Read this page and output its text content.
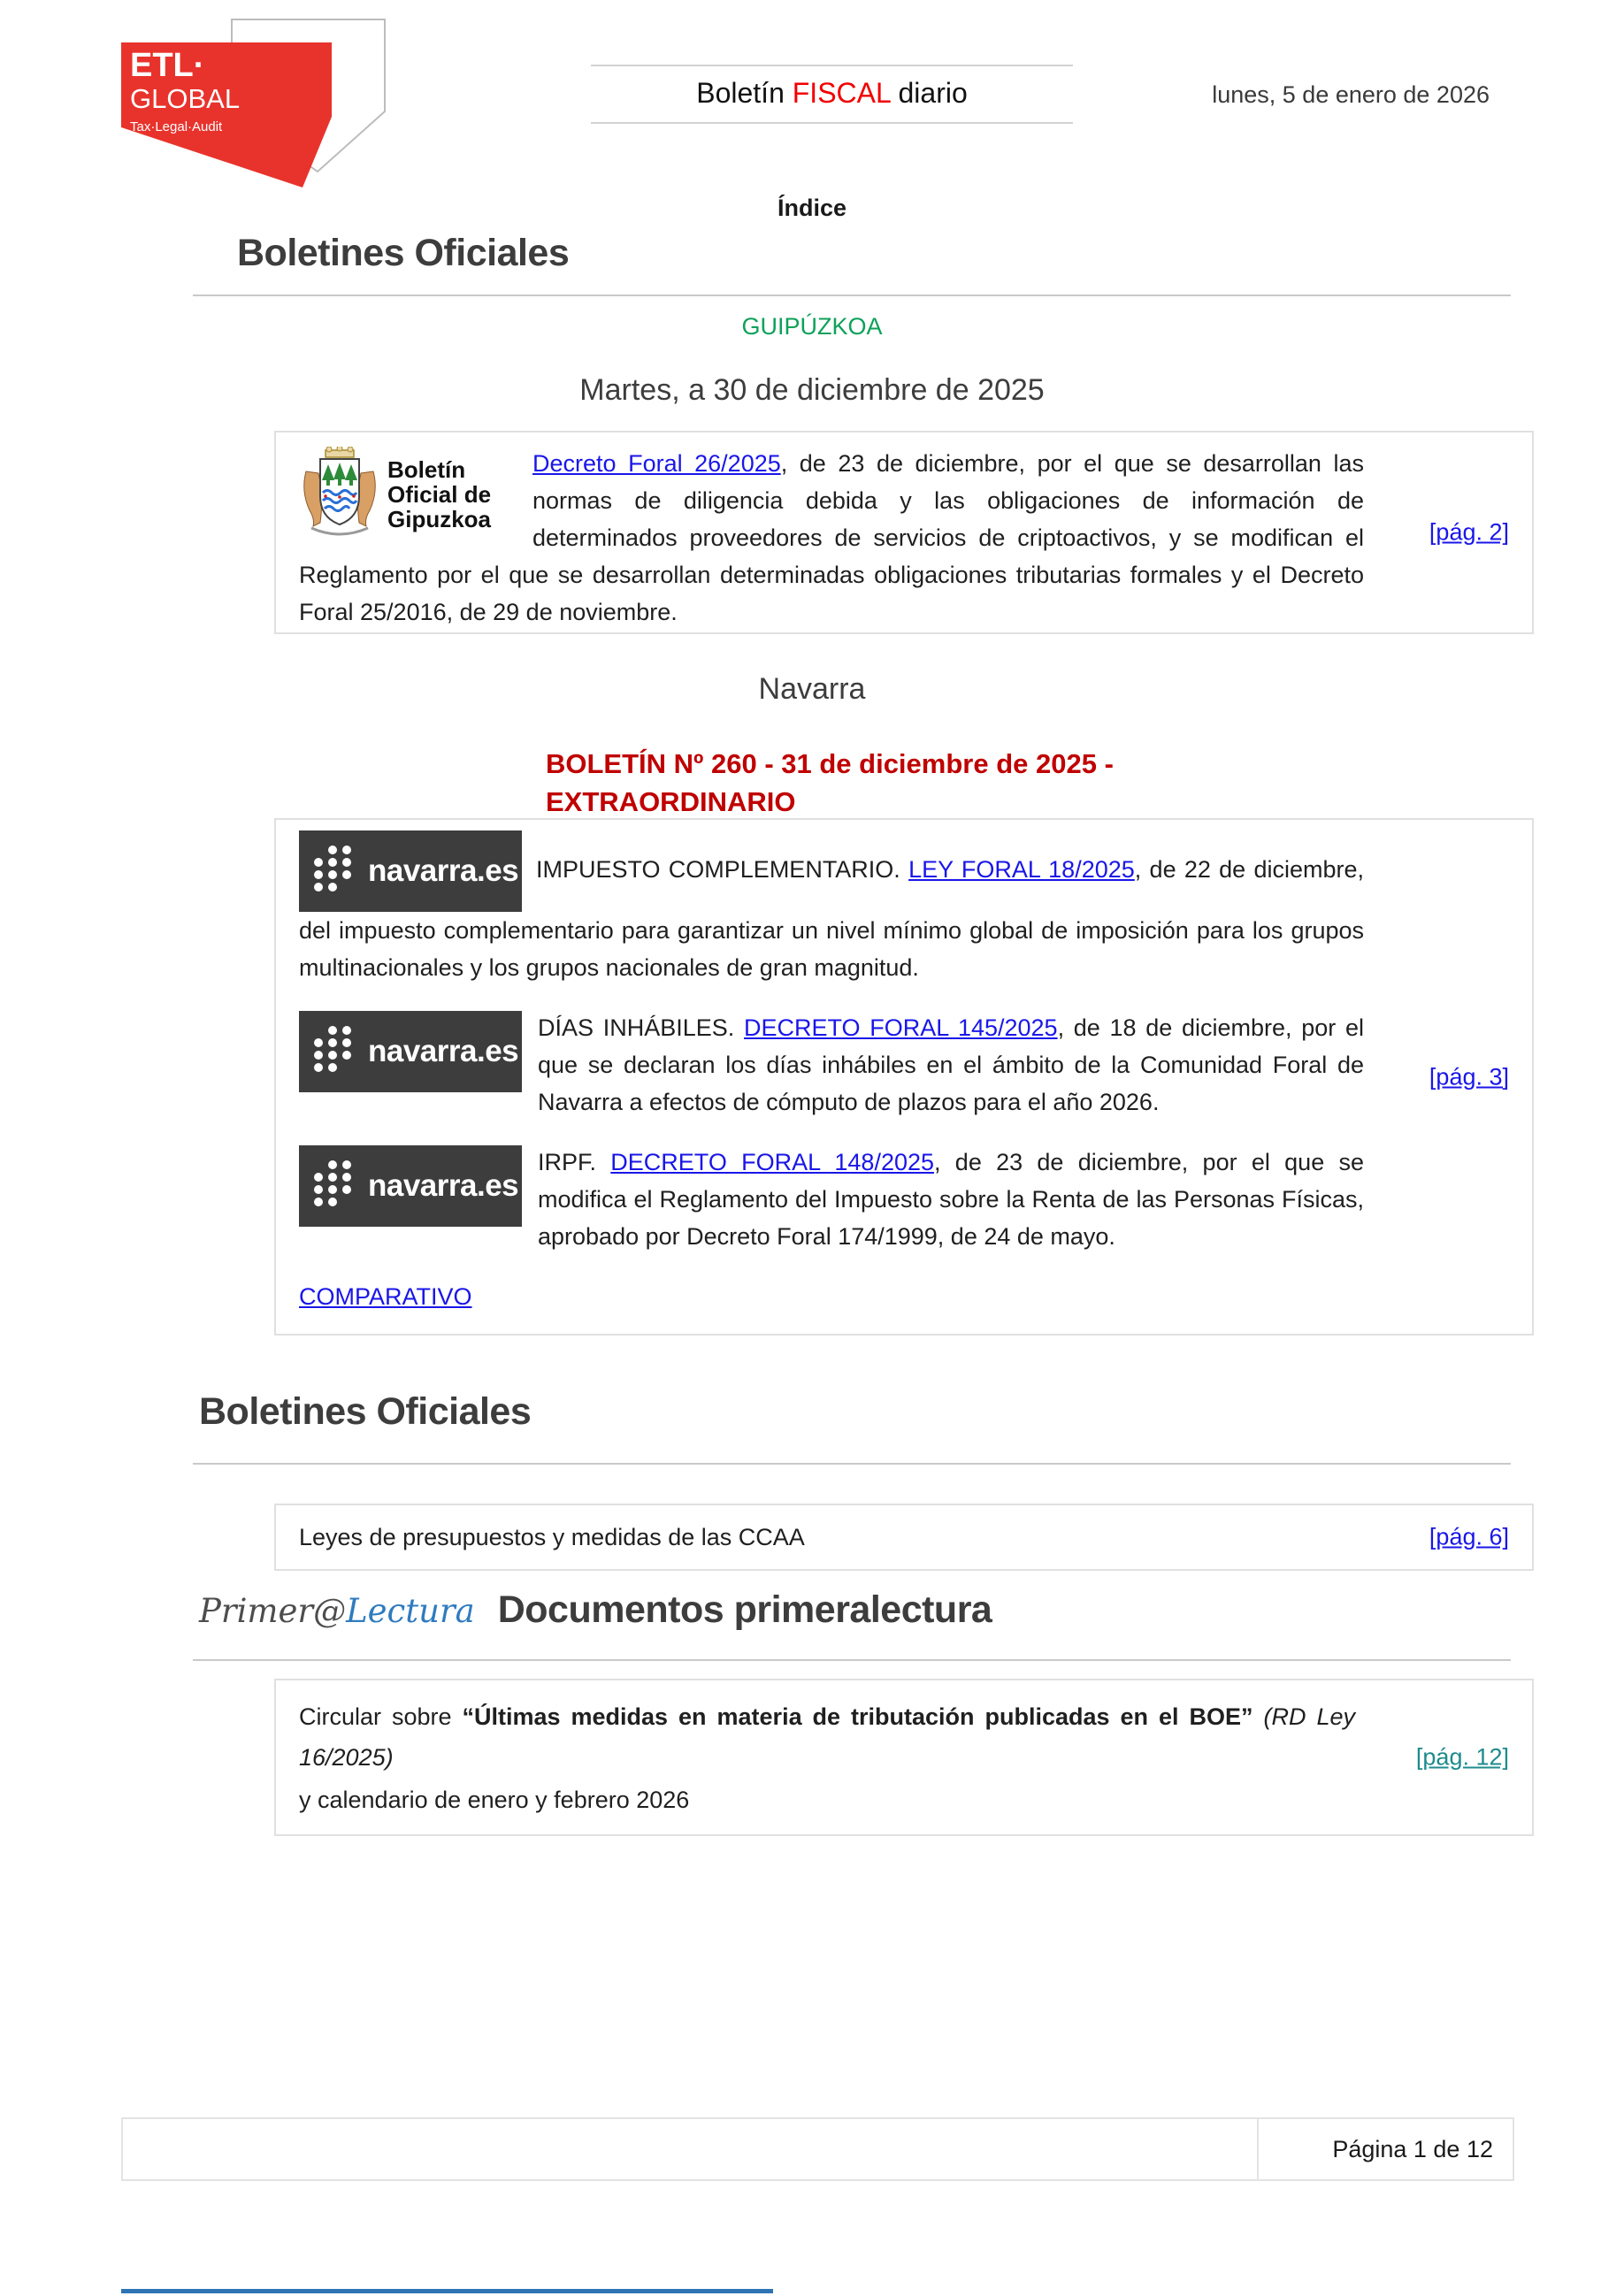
ETL·
GLOBAL
Tax·Legal·Audit
Boletín FISCAL diario	lunes, 5 de enero de 2026
Índice
Boletines Oficiales
GUIPÚZKOA
Martes, a 30 de diciembre de 2025
Boletín
Oficial de
Gipuzkoa

Decreto Foral 26/2025, de 23 de diciembre, por el que se desarrollan las normas de diligencia debida y las obligaciones de información de determinados proveedores de servicios de criptoactivos, y se modifican el Reglamento por el que se desarrollan determinadas obligaciones tributarias formales y el Decreto Foral 25/2016, de 29 de noviembre.

[pág. 2]
Navarra
BOLETÍN Nº 260 - 31 de diciembre de 2025 - EXTRAORDINARIO

navarra.es IMPUESTO COMPLEMENTARIO. LEY FORAL 18/2025, de 22 de diciembre, del impuesto complementario para garantizar un nivel mínimo global de imposición para los grupos multinacionales y los grupos nacionales de gran magnitud.

navarra.es

DÍAS INHÁBILES. DECRETO FORAL 145/2025, de 18 de diciembre, por el que se declaran los días inhábiles en el ámbito de la Comunidad Foral de Navarra a efectos de cómputo de plazos para el año 2026.

navarra.es

IRPF. DECRETO FORAL 148/2025, de 23 de diciembre, por el que se modifica el Reglamento del Impuesto sobre la Renta de las Personas Físicas, aprobado por Decreto Foral 174/1999, de 24 de mayo.

COMPARATIVO

[pág. 3]
Boletines Oficiales
Leyes de presupuestos y medidas de las CCAA	[pág. 6]
Primer@Lectura Documentos primeralectura

Circular sobre “Últimas medidas en materia de tributación publicadas en el BOE” (RD Ley 16/2025)

y calendario de enero y febrero 2026

[pág. 12]
Página 1 de 12
